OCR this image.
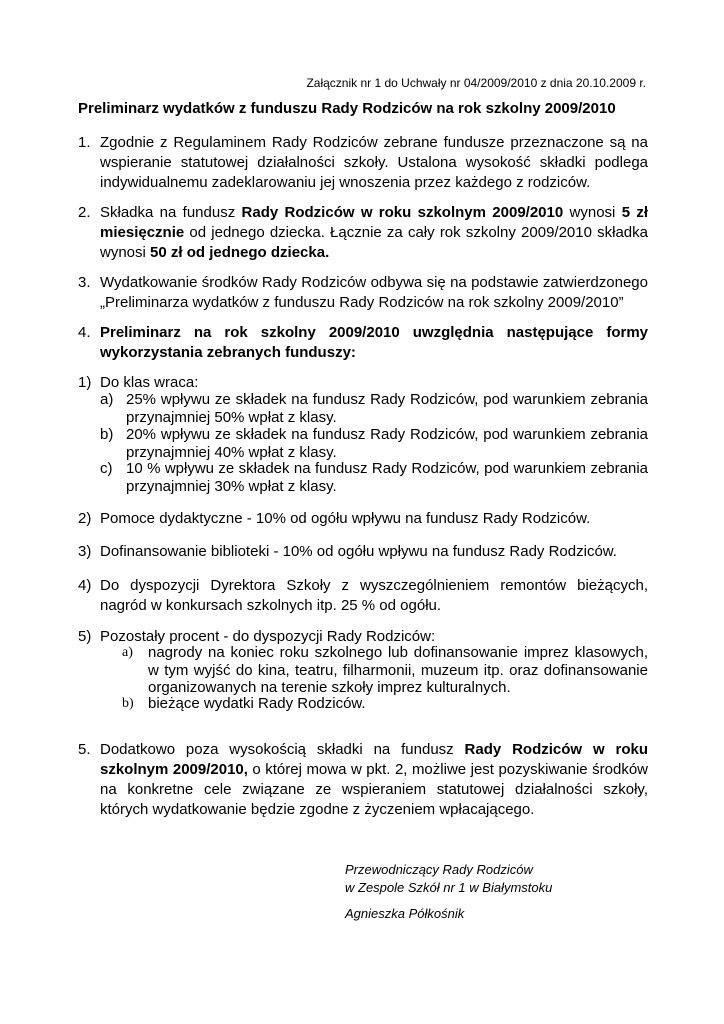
Załącznik nr 1 do Uchwały nr 04/2009/2010 z dnia 20.10.2009 r.
Preliminarz wydatków z funduszu Rady Rodziców na rok szkolny 2009/2010
1. Zgodnie z Regulaminem Rady Rodziców zebrane fundusze przeznaczone są na wspieranie statutowej działalności szkoły. Ustalona wysokość składki podlega indywidualnemu zadeklarowaniu jej wnoszenia przez każdego z rodziców.
2. Składka na fundusz Rady Rodziców w roku szkolnym 2009/2010 wynosi 5 zł miesięcznie od jednego dziecka. Łącznie za cały rok szkolny 2009/2010 składka wynosi 50 zł od jednego dziecka.
3. Wydatkowanie środków Rady Rodziców odbywa się na podstawie zatwierdzonego „Preliminarza wydatków z funduszu Rady Rodziców na rok szkolny 2009/2010”
4. Preliminarz na rok szkolny 2009/2010 uwzględnia następujące formy wykorzystania zebranych funduszy:
1) Do klas wraca:
a) 25% wpływu ze składek na fundusz Rady Rodziców, pod warunkiem zebrania przynajmniej 50% wpłat z klasy.
b) 20% wpływu ze składek na fundusz Rady Rodziców, pod warunkiem zebrania przynajmniej 40% wpłat z klasy.
c) 10 % wpływu ze składek na fundusz Rady Rodziców, pod warunkiem zebrania przynajmniej 30% wpłat z klasy.
2) Pomoce dydaktyczne - 10% od ogółu wpływu na fundusz Rady Rodziców.
3) Dofinansowanie biblioteki - 10% od ogółu wpływu na fundusz Rady Rodziców.
4) Do dyspozycji Dyrektora Szkoły z wyszczególnieniem remontów bieżących, nagród w konkursach szkolnych itp. 25 % od ogółu.
5) Pozostały procent - do dyspozycji Rady Rodziców:
a) nagrody na koniec roku szkolnego lub dofinansowanie imprez klasowych, w tym wyjść do kina, teatru, filharmonii, muzeum itp. oraz dofinansowanie organizowanych na terenie szkoły imprez kulturalnych.
b) bieżące wydatki Rady Rodziców.
5. Dodatkowo poza wysokością składki na fundusz Rady Rodziców w roku szkolnym 2009/2010, o której mowa w pkt. 2, możliwe jest pozyskiwanie środków na konkretne cele związane ze wspieraniem statutowej działalności szkoły, których wydatkowanie będzie zgodne z życzeniem wpłacającego.
Przewodniczący Rady Rodziców
w Zespole Szkół nr 1 w Białymstoku
Agnieszka Półkośnik
